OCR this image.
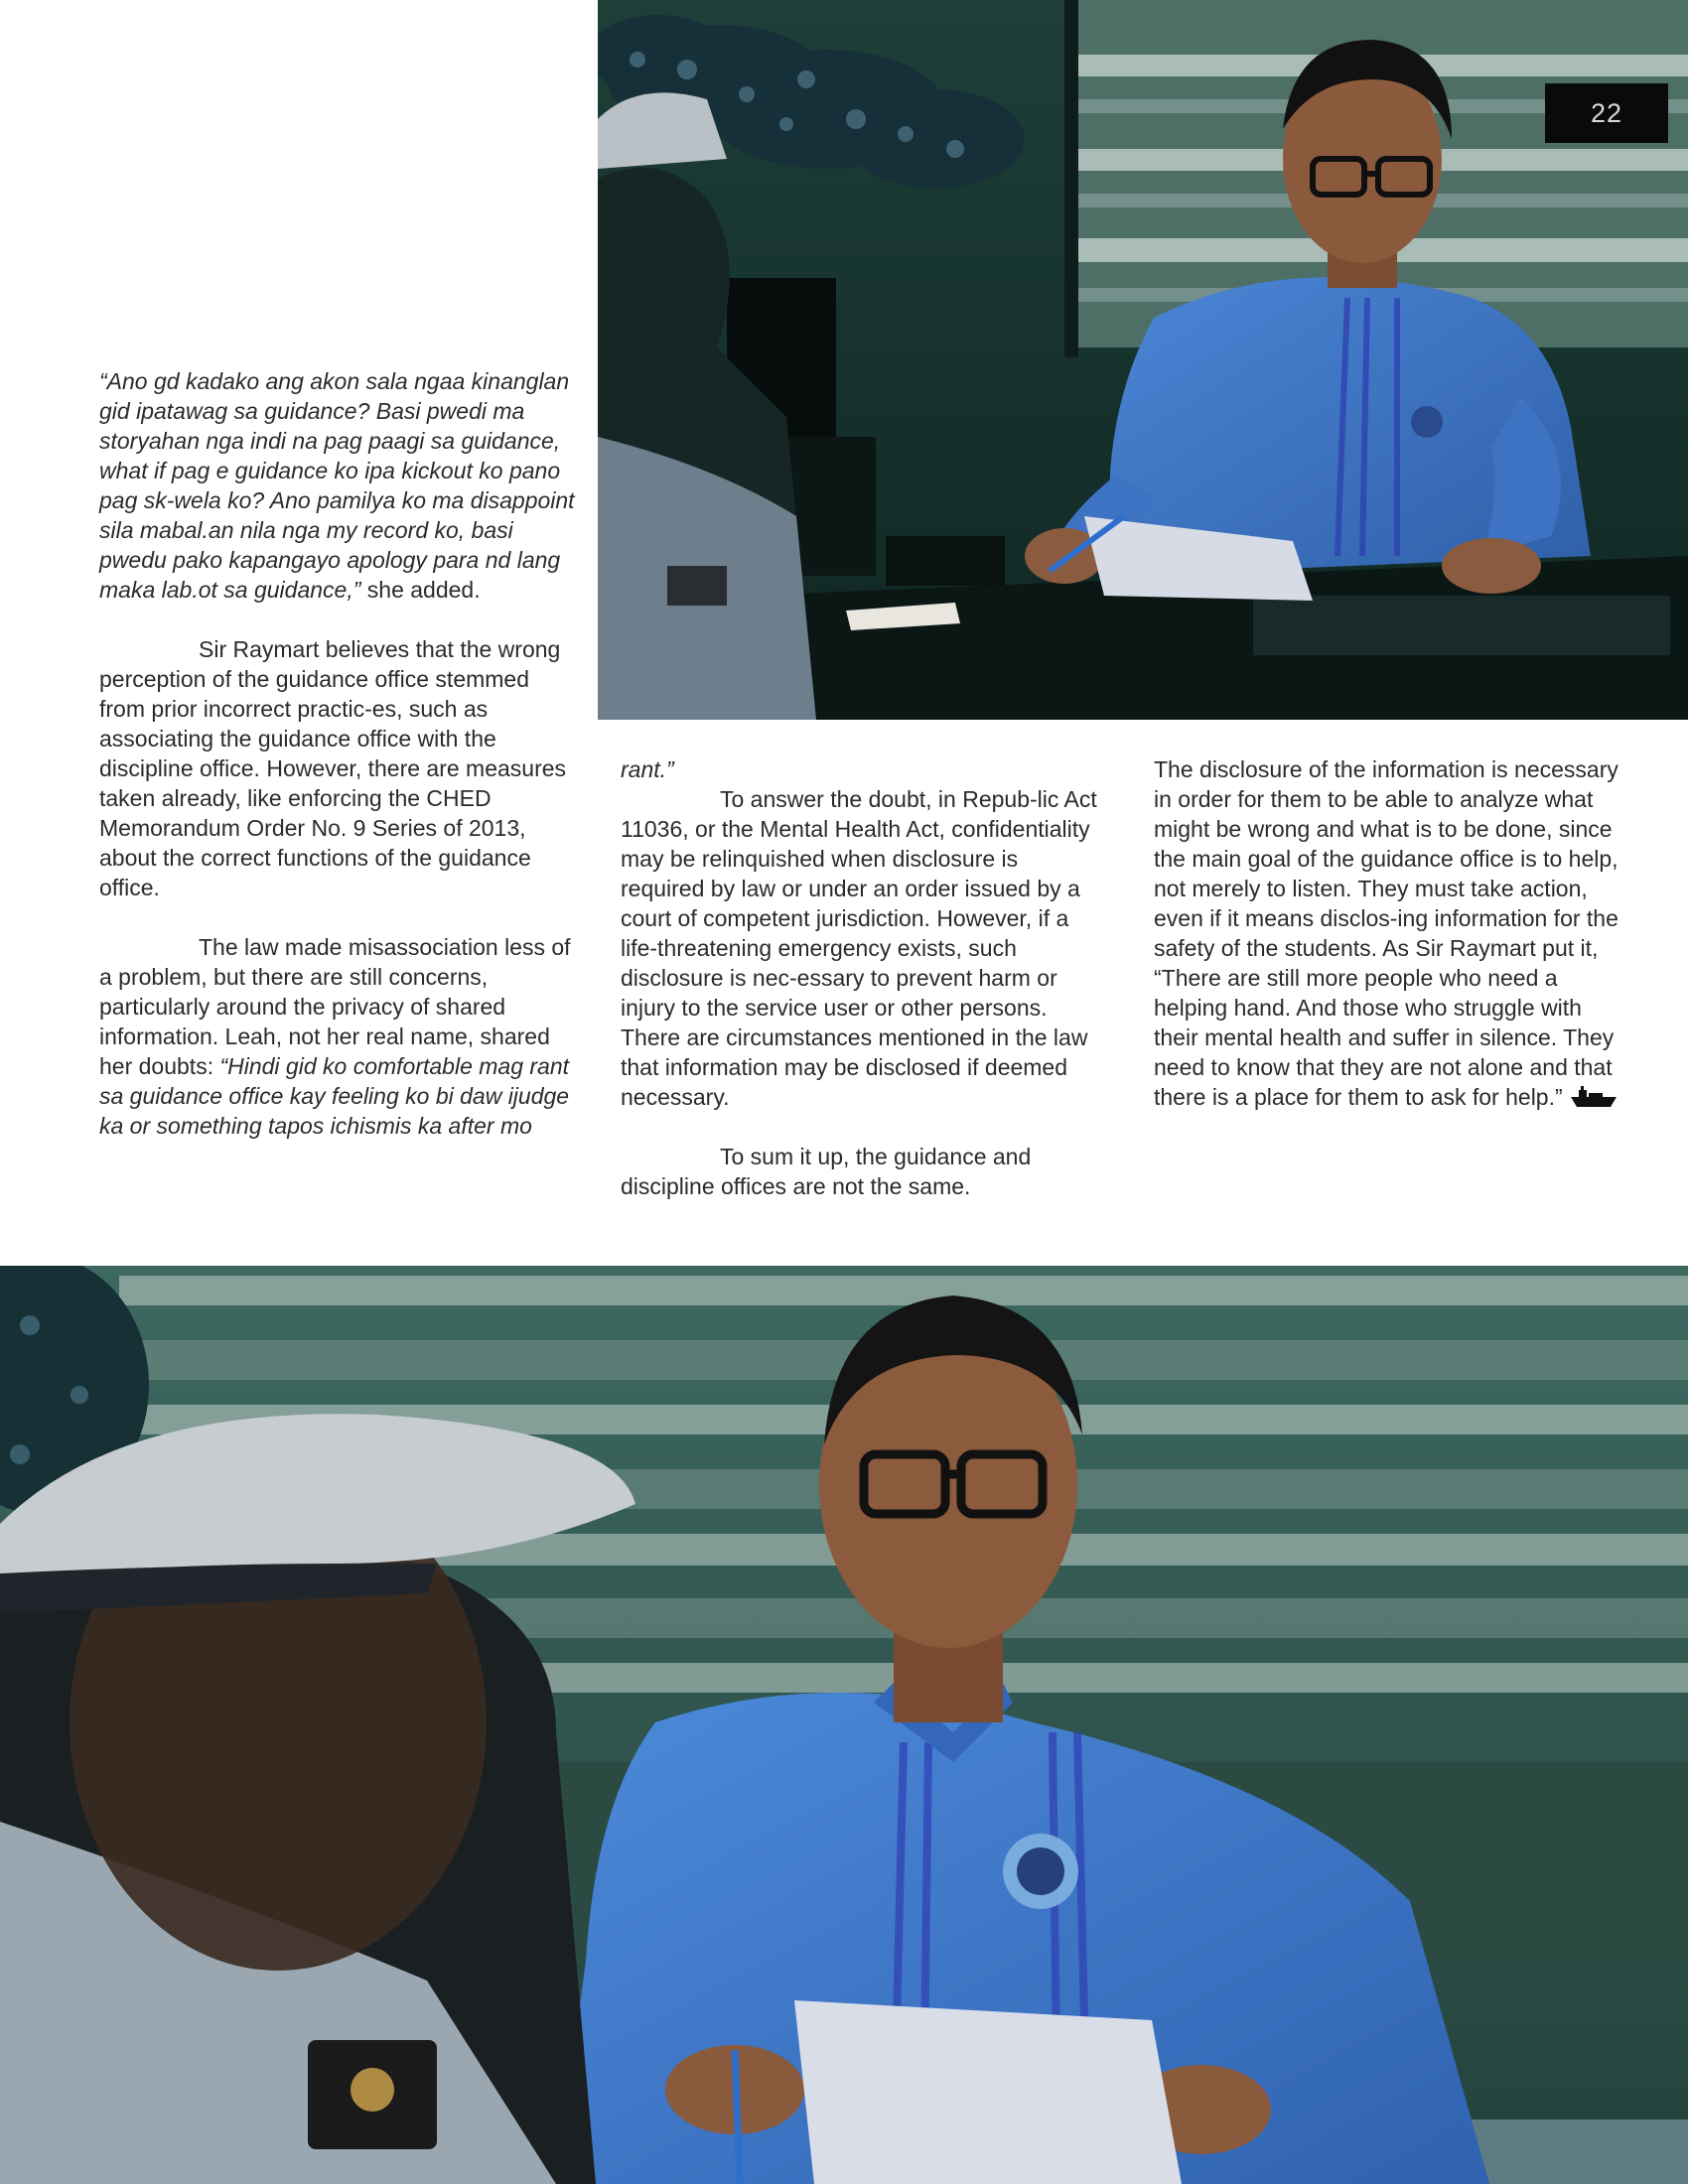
22

“Ano gd kadako ang akon sala ngaa kinanglan gid ipatawag sa guidance? Basi pwedi ma storyahan nga indi na pag paagi sa guidance, what if pag e guidance ko ipa kickout ko pano pag sk-wela ko? Ano pamilya ko ma disappoint sila mabal.an nila nga my record ko, basi pwedu pako kapangayo apology para nd lang maka lab.ot sa guidance,” she added.

Sir Raymart believes that the wrong perception of the guidance office stemmed from prior incorrect practic-es, such as associating the guidance office with the discipline office. However, there are measures taken already, like enforcing the CHED Memorandum Order No. 9 Series of 2013, about the correct functions of the guidance office.

The law made misassociation less of a problem, but there are still concerns, particularly around the privacy of shared information. Leah, not her real name, shared her doubts: “Hindi gid ko comfortable mag rant sa guidance office kay feeling ko bi daw ijudge ka or something tapos ichismis ka after mo

rant.”

To answer the doubt, in Repub-lic Act 11036, or the Mental Health Act, confidentiality may be relinquished when disclosure is required by law or under an order issued by a court of competent jurisdiction. However, if a life-threatening emergency exists, such disclosure is nec-essary to prevent harm or injury to the service user or other persons. There are circumstances mentioned in the law that information may be disclosed if deemed necessary.

To sum it up, the guidance and discipline offices are not the same.

The disclosure of the information is necessary in order for them to be able to analyze what might be wrong and what is to be done, since the main goal of the guidance office is to help, not merely to listen. They must take action, even if it means disclos-ing information for the safety of the students. As Sir Raymart put it, “There are still more people who need a helping hand. And those who struggle with their mental health and suffer in silence. They need to know that they are not alone and that there is a place for them to ask for help.”
